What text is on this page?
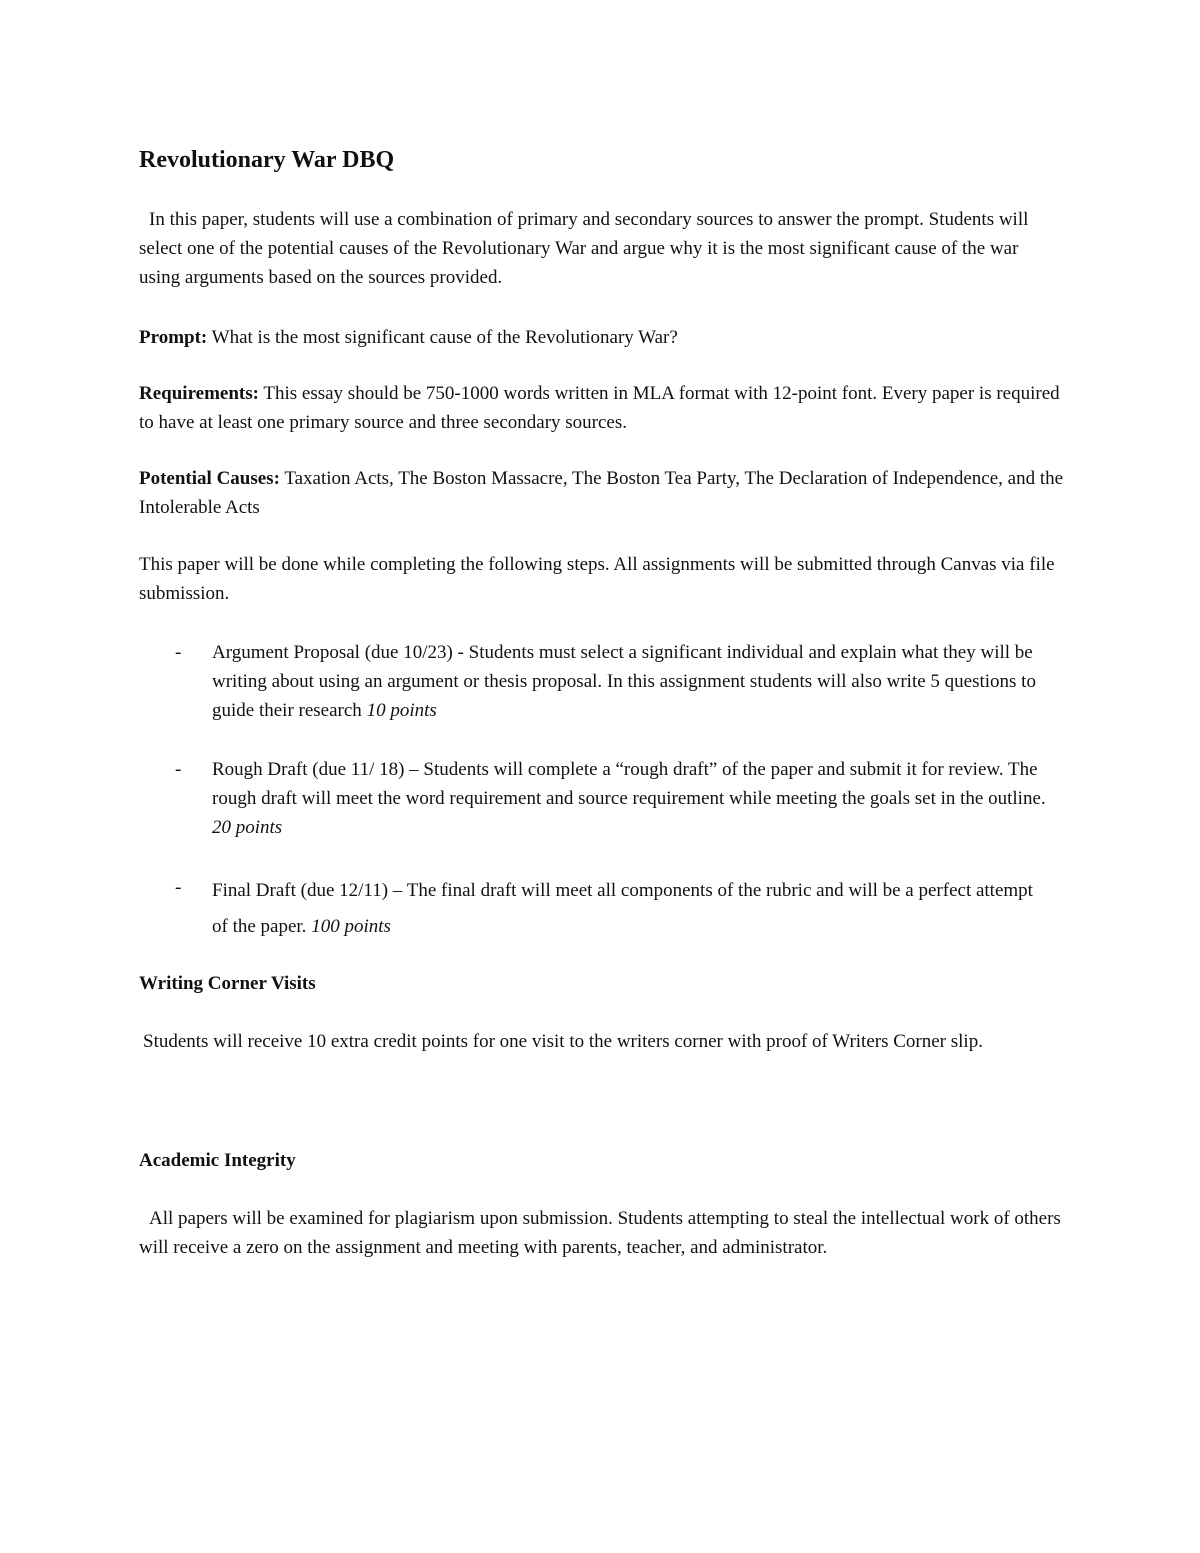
Revolutionary War DBQ

In this paper, students will use a combination of primary and secondary sources to answer the prompt. Students will select one of the potential causes of the Revolutionary War and argue why it is the most significant cause of the war using arguments based on the sources provided.

Prompt: What is the most significant cause of the Revolutionary War?

Requirements: This essay should be 750-1000 words written in MLA format with 12-point font. Every paper is required to have at least one primary source and three secondary sources.

Potential Causes: Taxation Acts, The Boston Massacre, The Boston Tea Party, The Declaration of Independence, and the Intolerable Acts

This paper will be done while completing the following steps. All assignments will be submitted through Canvas via file submission.

- Argument Proposal (due 10/23) - Students must select a significant individual and explain what they will be writing about using an argument or thesis proposal. In this assignment students will also write 5 questions to guide their research 10 points

- Rough Draft (due 11/ 18) – Students will complete a “rough draft” of the paper and submit it for review. The rough draft will meet the word requirement and source requirement while meeting the goals set in the outline. 20 points

- Final Draft (due 12/11) – The final draft will meet all components of the rubric and will be a perfect attempt of the paper. 100 points

Writing Corner Visits

Students will receive 10 extra credit points for one visit to the writers corner with proof of Writers Corner slip.

Academic Integrity

All papers will be examined for plagiarism upon submission. Students attempting to steal the intellectual work of others will receive a zero on the assignment and meeting with parents, teacher, and administrator.
